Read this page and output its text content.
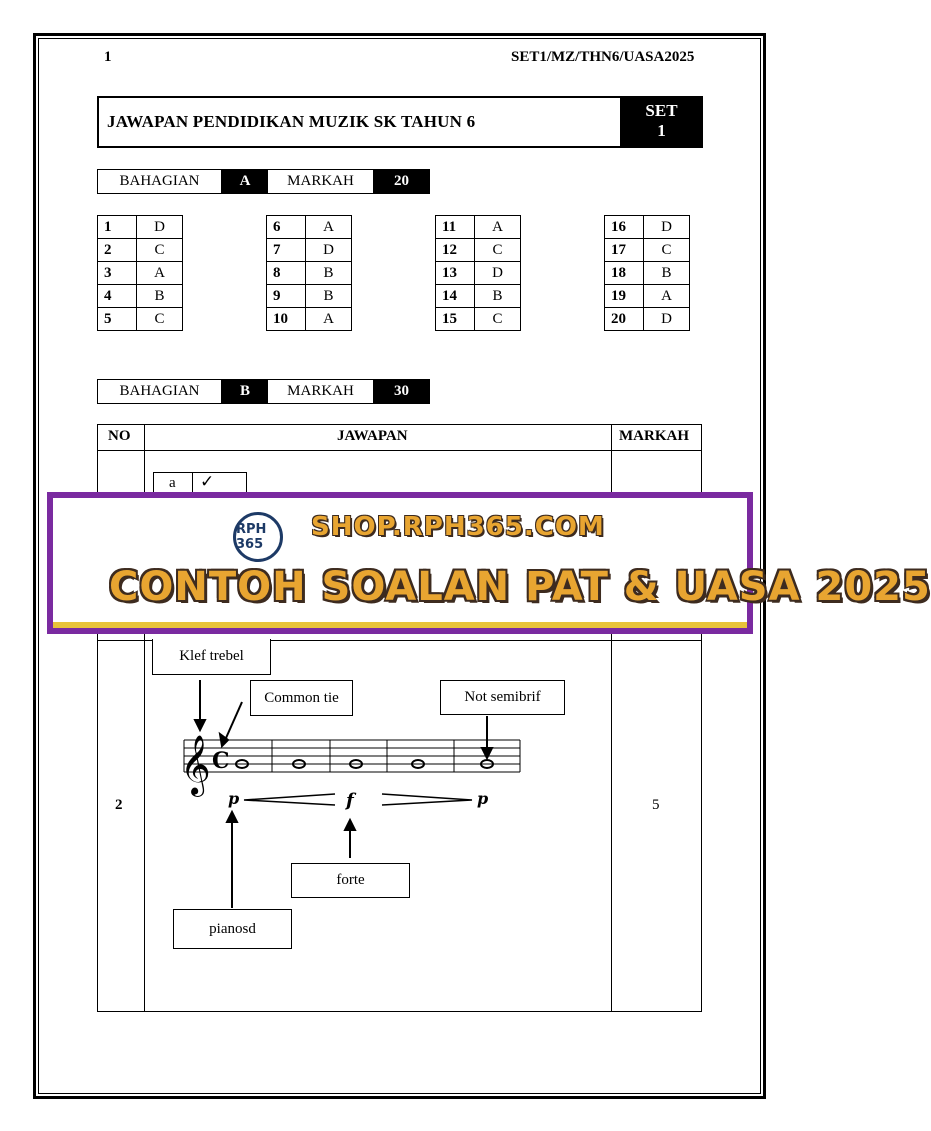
1	SET1/MZ/THN6/UASA2025
JAWAPAN PENDIDIKAN MUZIK SK TAHUN 6
SET
1
BAHAGIAN	A	MARKAH	20
1	D
2	C
3	A
4	B
5	C
6	A
7	D
8	B
9	B
10	A
11	A
12	C
13	D
14	B
15	C
16	D
17	C
18	B
19	A
20	D
BAHAGIAN	B	MARKAH	30
NO	JAWAPAN	MARKAH
a ✓
2	5
Klef trebel
Common tie	Not semibrif
forte
pianosd
𝄞 C
p	f	p
RPH 365
SHOP.RPH365.COM
CONTOH SOALAN PAT & UASA 2025
